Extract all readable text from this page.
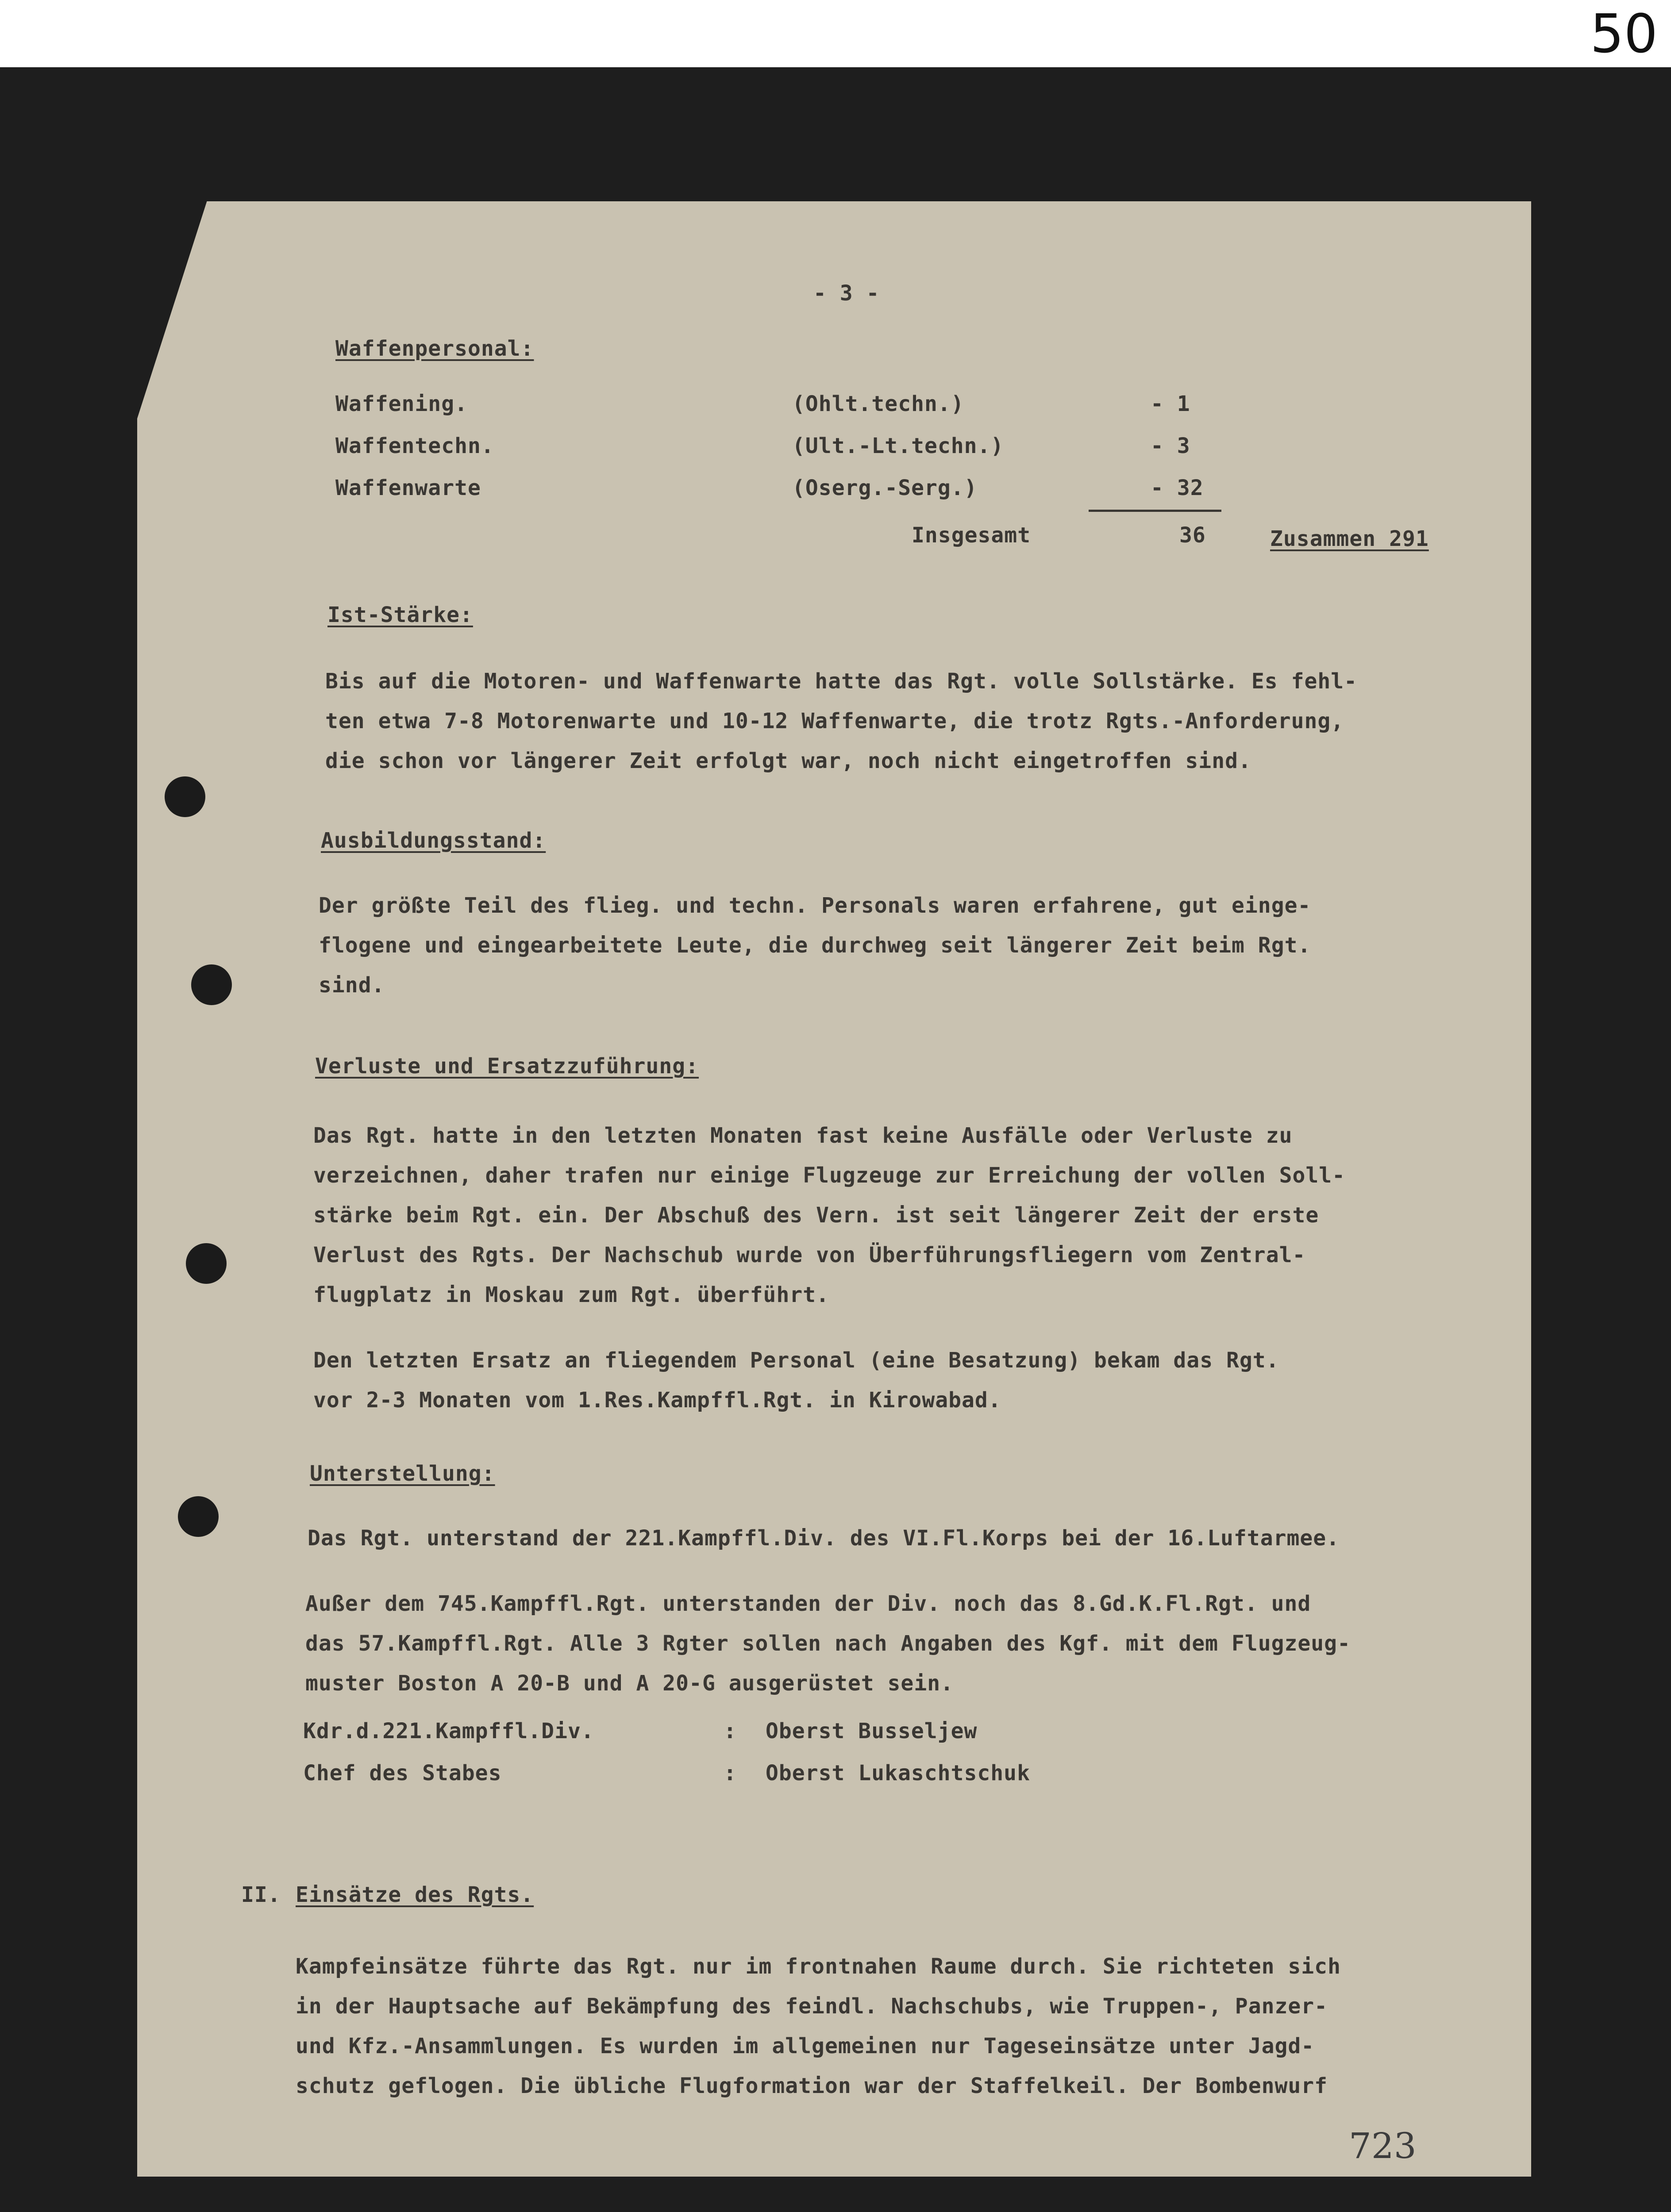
50
- 3 -
Waffenpersonal:
Waffening.	(Ohlt.techn.)	- 1
Waffentechn.	(Ult.-Lt.techn.)	- 3
Waffenwarte	(Oserg.-Serg.)	- 32
Insgesamt	36	Zusammen 291
Ist-Stärke:
Bis auf die Motoren- und Waffenwarte hatte das Rgt. volle Sollstärke. Es fehl-
ten etwa 7-8 Motorenwarte und 10-12 Waffenwarte, die trotz Rgts.-Anforderung,
die schon vor längerer Zeit erfolgt war, noch nicht eingetroffen sind.
Ausbildungsstand:
Der größte Teil des flieg. und techn. Personals waren erfahrene, gut einge-
flogene und eingearbeitete Leute, die durchweg seit längerer Zeit beim Rgt.
sind.
Verluste und Ersatzzuführung:
Das Rgt. hatte in den letzten Monaten fast keine Ausfälle oder Verluste zu
verzeichnen, daher trafen nur einige Flugzeuge zur Erreichung der vollen Soll-
stärke beim Rgt. ein. Der Abschuß des Vern. ist seit längerer Zeit der erste
Verlust des Rgts. Der Nachschub wurde von Überführungsfliegern vom Zentral-
flugplatz in Moskau zum Rgt. überführt.
Den letzten Ersatz an fliegendem Personal (eine Besatzung) bekam das Rgt.
vor 2-3 Monaten vom 1.Res.Kampffl.Rgt. in Kirowabad.
Unterstellung:
Das Rgt. unterstand der 221.Kampffl.Div. des VI.Fl.Korps bei der 16.Luftarmee.
Außer dem 745.Kampffl.Rgt. unterstanden der Div. noch das 8.Gd.K.Fl.Rgt. und
das 57.Kampffl.Rgt. Alle 3 Rgter sollen nach Angaben des Kgf. mit dem Flugzeug-
muster Boston A 20-B und A 20-G ausgerüstet sein.
Kdr.d.221.Kampffl.Div.	: Oberst Busseljew
Chef des Stabes	: Oberst Lukaschtschuk
II. Einsätze des Rgts.
Kampfeinsätze führte das Rgt. nur im frontnahen Raume durch. Sie richteten sich
in der Hauptsache auf Bekämpfung des feindl. Nachschubs, wie Truppen-, Panzer-
und Kfz.-Ansammlungen. Es wurden im allgemeinen nur Tageseinsätze unter Jagd-
schutz geflogen. Die übliche Flugformation war der Staffelkeil. Der Bombenwurf
723
